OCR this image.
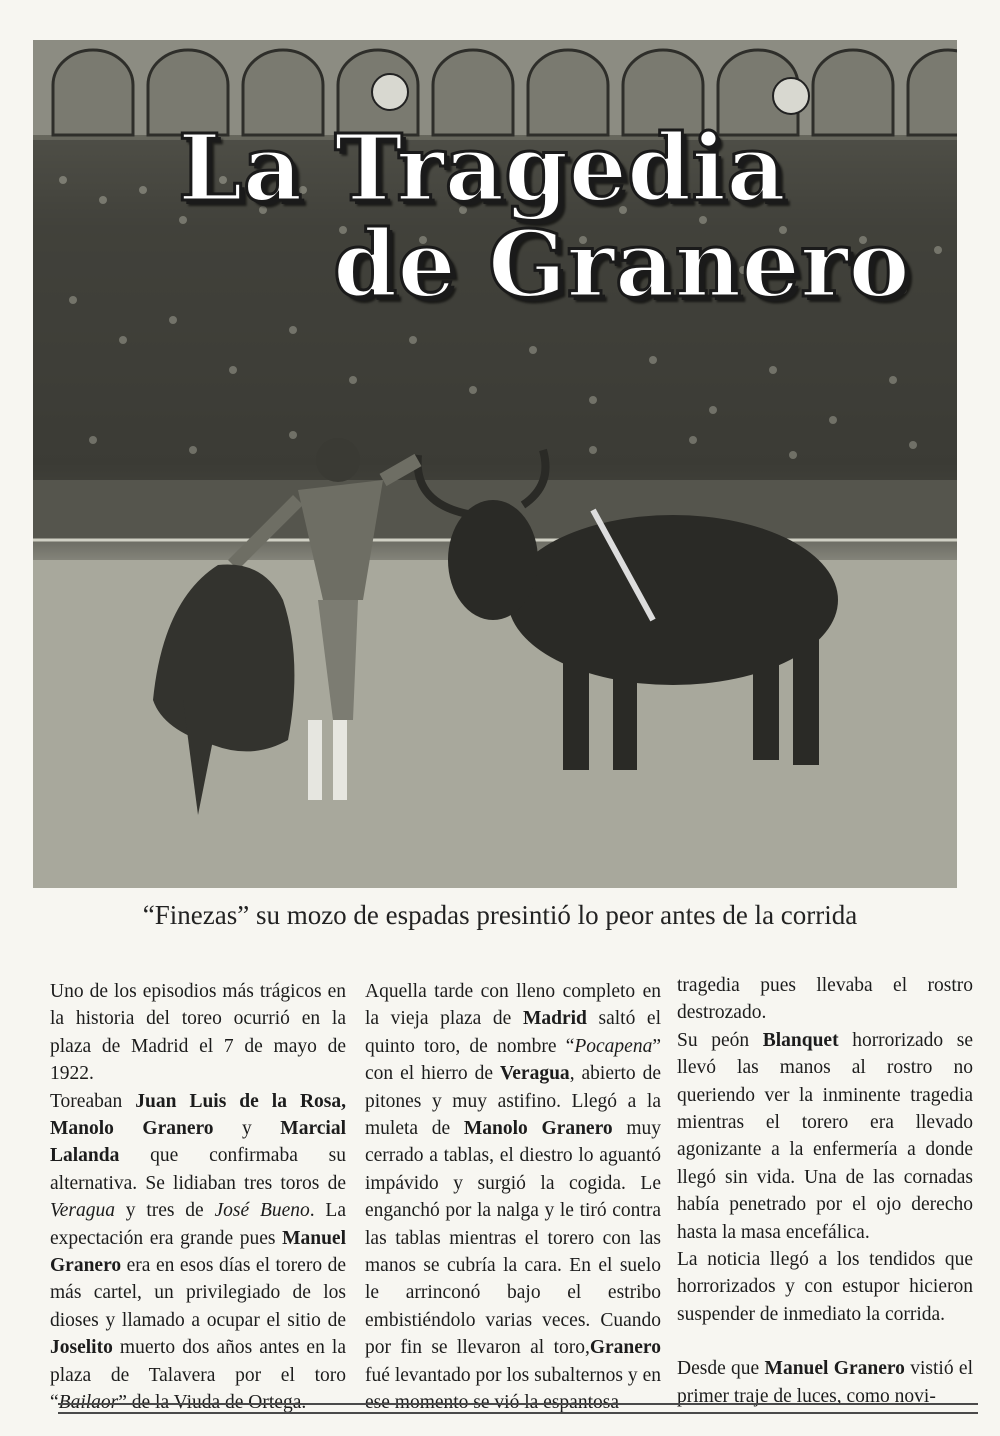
La Tragedia
de Granero

“Finezas” su mozo de espadas presintió lo peor antes de la corrida

Uno de los episodios más trágicos en la historia del toreo ocurrió en la plaza de Madrid el 7 de mayo de 1922.

Toreaban Juan Luis de la Rosa, Manolo Granero y Marcial Lalanda que confirmaba su alternativa. Se lidiaban tres toros de Veragua y tres de José Bueno. La expectación era grande pues Manuel Granero era en esos días el torero de más cartel, un privilegiado de los dioses y llamado a ocupar el sitio de Joselito muerto dos años antes en la plaza de Talavera por el toro “Bailaor” de la Viuda de Ortega.

Aquella tarde con lleno completo en la vieja plaza de Madrid saltó el quinto toro, de nombre “Pocapena” con el hierro de Veragua, abierto de pitones y muy astifino. Llegó a la muleta de Manolo Granero muy cerrado a tablas, el diestro lo aguantó impávido y surgió la cogida. Le enganchó por la nalga y le tiró contra las tablas mientras el torero con las manos se cubría la cara. En el suelo le arrinconó bajo el estribo embistiéndolo varias veces. Cuando por fin se llevaron al toro,Granero fué levantado por los subalternos y en ese momento se vió la espantosa

tragedia pues llevaba el rostro destrozado.

Su peón Blanquet horrorizado se llevó las manos al rostro no queriendo ver la inminente tragedia mientras el torero era llevado agonizante a la enfermería a donde llegó sin vida. Una de las cornadas había penetrado por el ojo derecho hasta la masa encefálica.

La noticia llegó a los tendidos que horrorizados y con estupor hicieron suspender de inmediato la corrida.

Desde que Manuel Granero vistió el primer traje de luces, como novi-
